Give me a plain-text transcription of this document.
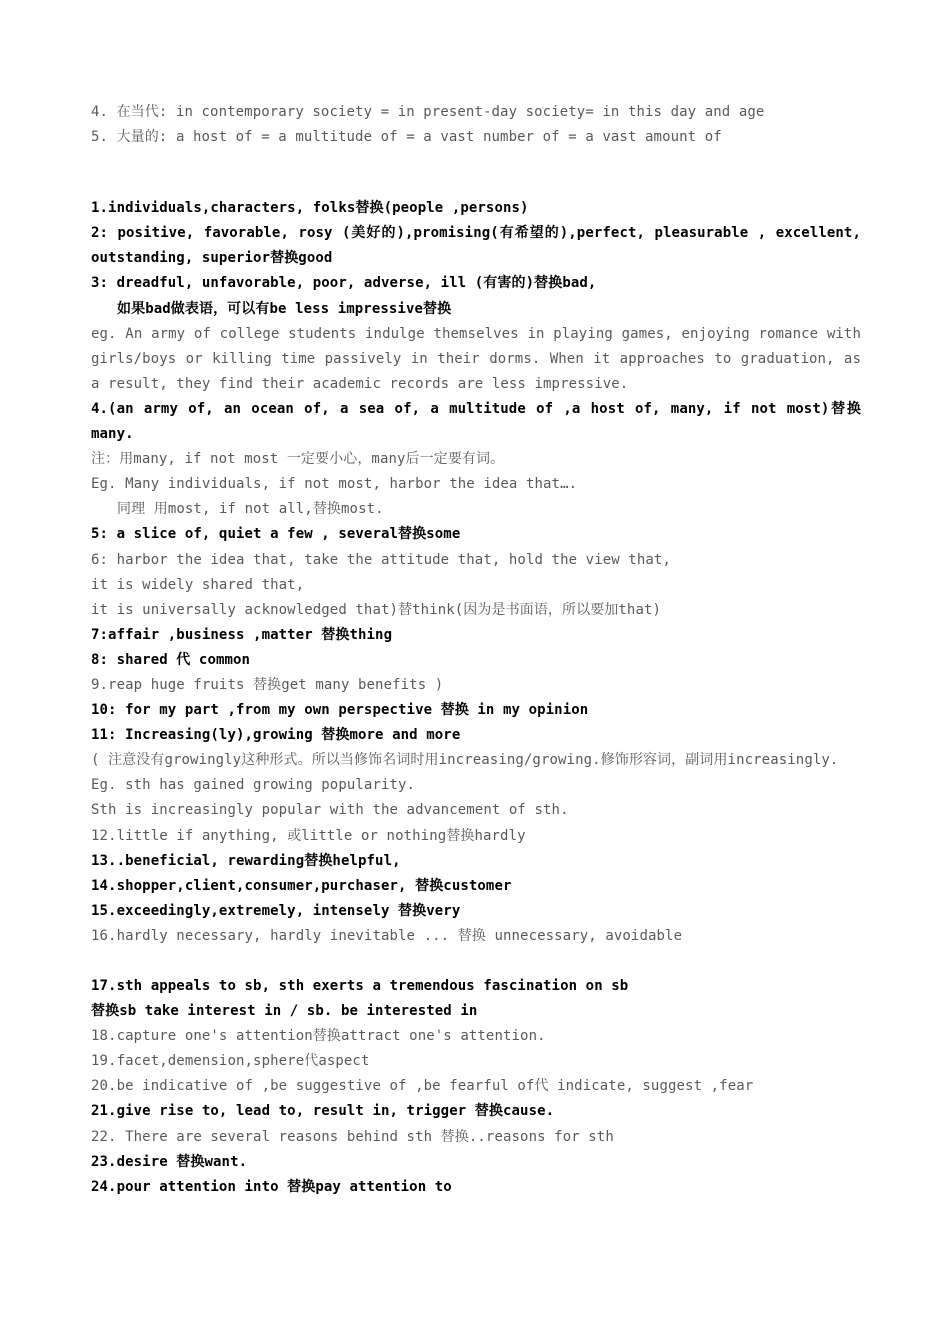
4. 在当代: in contemporary society = in present-day society= in this day and age
5. 大量的: a host of = a multitude of = a vast number of = a vast amount of
1.individuals,characters, folks替换(people ,persons)
2: positive, favorable, rosy (美好的),promising(有希望的),perfect, pleasurable , excellent, outstanding, superior替换good
3: dreadful, unfavorable, poor, adverse, ill (有害的)替换bad,
如果bad做表语，可以有be less impressive替换
eg. An army of college students indulge themselves in playing games, enjoying romance with girls/boys or killing time passively in their dorms. When it approaches to graduation, as a result, they find their academic records are less impressive.
4.(an army of, an ocean of, a sea of, a multitude of ,a host of, many, if not most)替换 many.
注：用many, if not most 一定要小心，many后一定要有词。
Eg. Many individuals, if not most, harbor the idea that….
同理 用most, if not all,替换most.
5: a slice of, quiet a few , several替换some
6: harbor the idea that, take the attitude that, hold the view that,
it is widely shared that,
it is universally acknowledged that)替think(因为是书面语，所以要加that)
7:affair ,business ,matter 替换thing
8: shared 代 common
9.reap huge fruits 替换get many benefits )
10: for my part ,from my own perspective 替换 in my opinion
11: Increasing(ly),growing 替换more and more
( 注意没有growingly这种形式。所以当修饰名词时用increasing/growing.修饰形容词，副词用increasingly.
Eg. sth has gained growing popularity.
Sth is increasingly popular with the advancement of sth.
12.little if anything, 或little or nothing替换hardly
13..beneficial, rewarding替换helpful,
14.shopper,client,consumer,purchaser, 替换customer
15.exceedingly,extremely, intensely 替换very
16.hardly necessary, hardly inevitable ... 替换 unnecessary, avoidable
17.sth appeals to sb, sth exerts a tremendous fascination on sb
替换sb take interest in / sb. be interested in
18.capture one's attention替换attract one's attention.
19.facet,demension,sphere代aspect
20.be indicative of ,be suggestive of ,be fearful of代 indicate, suggest ,fear
21.give rise to, lead to, result in, trigger 替换cause.
22. There are several reasons behind sth 替换..reasons for sth
23.desire 替换want.
24.pour attention into 替换pay attention to
